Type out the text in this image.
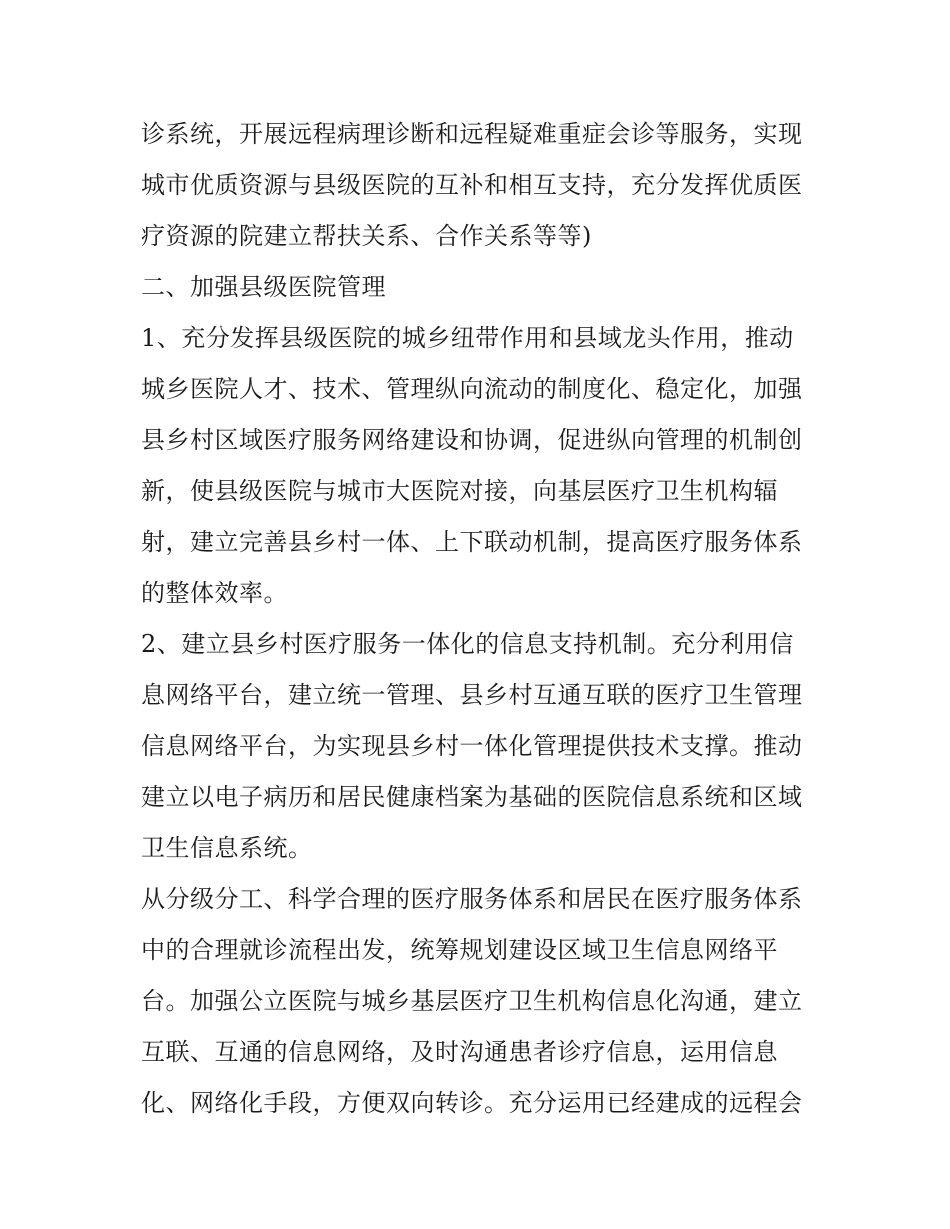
诊系统，开展远程病理诊断和远程疑难重症会诊等服务，实现
城市优质资源与县级医院的互补和相互支持，充分发挥优质医
疗资源的院建立帮扶关系、合作关系等等)
二、加强县级医院管理
1、充分发挥县级医院的城乡纽带作用和县域龙头作用，推动
城乡医院人才、技术、管理纵向流动的制度化、稳定化，加强
县乡村区域医疗服务网络建设和协调，促进纵向管理的机制创
新，使县级医院与城市大医院对接，向基层医疗卫生机构辐
射，建立完善县乡村一体、上下联动机制，提高医疗服务体系
的整体效率。
2、建立县乡村医疗服务一体化的信息支持机制。充分利用信
息网络平台，建立统一管理、县乡村互通互联的医疗卫生管理
信息网络平台，为实现县乡村一体化管理提供技术支撑。推动
建立以电子病历和居民健康档案为基础的医院信息系统和区域
卫生信息系统。
从分级分工、科学合理的医疗服务体系和居民在医疗服务体系
中的合理就诊流程出发，统筹规划建设区域卫生信息网络平
台。加强公立医院与城乡基层医疗卫生机构信息化沟通，建立
互联、互通的信息网络，及时沟通患者诊疗信息，运用信息
化、网络化手段，方便双向转诊。充分运用已经建成的远程会
